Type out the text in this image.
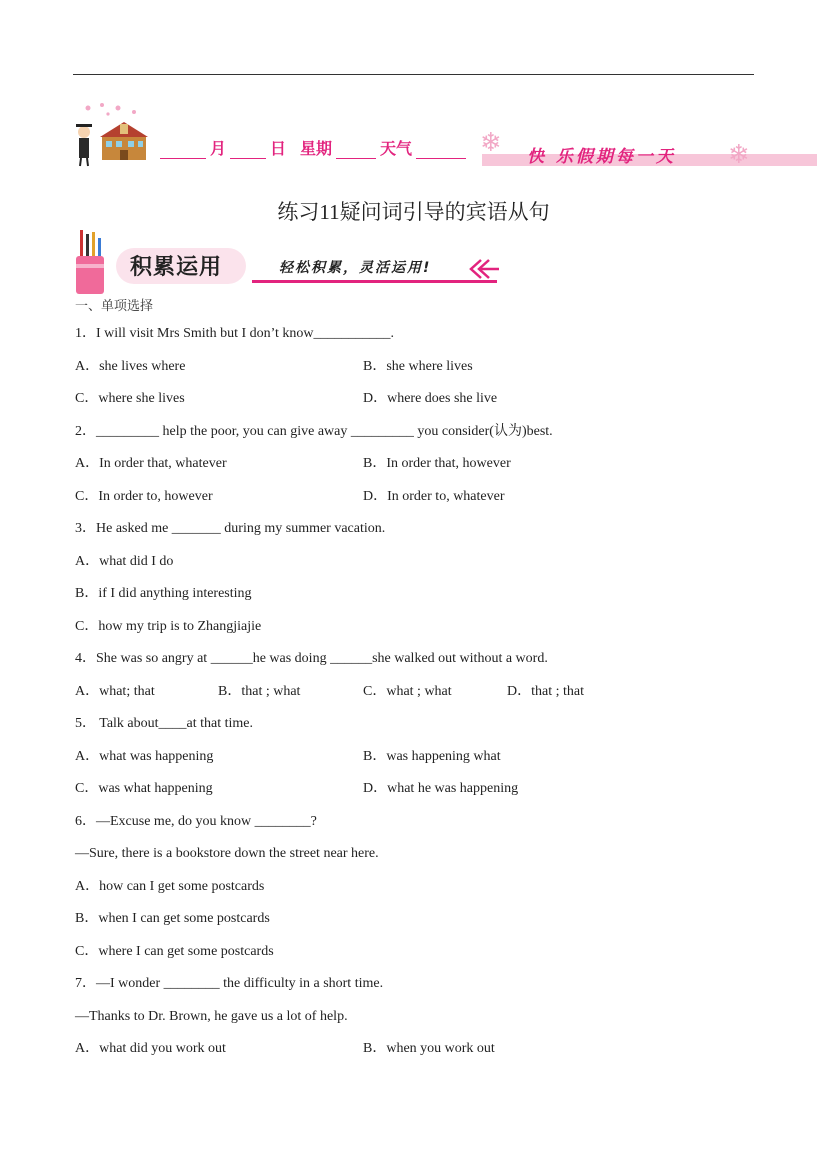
月	日 星期	天气	❄ 快 乐假期每一天 ❄
练习11疑问词引导的宾语从句
积累运用	轻松积累，灵活运用!

一、单项选择

1．I will visit Mrs Smith but I don’t know___________.

A．she lives where	B．she where lives
C．where she lives	D．where does she live

2．_________ help the poor, you can give away _________ you consider(认为)best.

A．In order that, whatever	B．In order that, however
C．In order to, however	D．In order to, whatever

3．He asked me _______ during my summer vacation.

A．what did I do

B．if I did anything interesting

C．how my trip is to Zhangjiajie

4．She was so angry at ______he was doing ______she walked out without a word.

A．what; that	B．that ; what	C．what ; what	D．that ; that

5． Talk about____at that time.

A．what was happening	B．was happening what
C．was what happening	D．what he was happening

6．—Excuse me, do you know ________?

—Sure, there is a bookstore down the street near here.

A．how can I get some postcards

B．when I can get some postcards

C．where I can get some postcards

7．—I wonder ________ the difficulty in a short time.

—Thanks to Dr. Brown, he gave us a lot of help.

A．what did you work out	B．when you work out
